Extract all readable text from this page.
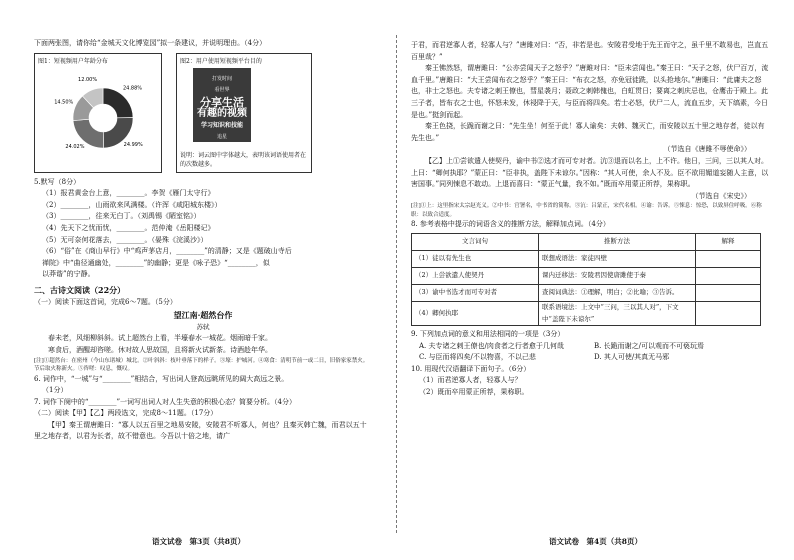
下面两张图，请你给“金城天文化博览园”拟一条建议，并说明理由。（4分）

图1：短视频用户年龄分布
24.88%
24.99%
24.02%
14.50%
12.00%
图2：用户使用短视频平台目的
打发时间
看世界
分享生活
有趣的视频
学习知识和技能
追星
打发时间

说明：词云图中字体越大，表明该词语使用者在的次数越多。

5.默写（8分）

（1）报君黄金台上意，________。李贺《雁门太守行》

（2）________，山雨欲来风满楼。（许浑《咸阳城东楼》）

（3）________，往来无白丁。（刘禹锡《陋室铭》）

（4）先天下之忧而忧，________。范仲淹《岳阳楼记》

（5）无可奈何花落去，________。（晏殊《浣溪沙》）

（6）“俗”在《商山早行》中“鸡声茅店月，________”的清静；又是《题破山寺后

禅院》中“曲径通幽处，________”的幽静；更是《咏子恐》“________，似

以莽谐”的宁静。

二、古诗文阅读（22分）

（一）阅读下面这首词，完成6～7题。（5分）

望江南·超然台作

苏轼

春未老，风细柳斜斜。试上超然台上看，半壕春水一城花。烟雨暗千家。

寒食后，酒醒却咨嗟。休对故人思故国，且将新火试新茶。诗酒趁年华。

[注]①超然台：在密州（今山东诸城）城北。②叶斜斜：枝叶垂落下的样子。③壕：护城河。④寒食：清明节前一或二日，旧俗家家禁火。节后取火称新火。⑤咨嗟：叹息，慨叹。

6. 词作中，“一城”与“________”相结合，写出词人登高远眺所见的阔大高远之景。

（1分）

7. 词作下阕中的“________”一词写出词人对人生失意的积极心态？简要分析。（4分）

（二）阅读【甲】【乙】两段选文，完成8～11题。（17分）

【甲】秦王谓唐雎曰：“寡人以五百里之地易安陵，安陵君不听寡人，何也？且秦灭韩亡魏，而君以五十里之地存者，以君为长者，故不错意也。今吾以十倍之地，请广

语文试卷　第3页（共8页）

于君，而君逆寡人者，轻寡人与？”唐雎对曰：“否，非若是也。安陵君受地于先王而守之，虽千里不敢易也，岂直五百里哉？”

秦王怫然怒，谓唐雎曰：“公亦尝闻天子之怒乎？”唐雎对曰：“臣未尝闻也。”秦王曰：“天子之怒，伏尸百万，流血千里。”唐雎曰：“大王尝闻布衣之怒乎？”秦王曰：“布衣之怒，亦免冠徒跣，以头抢地尔。”唐雎曰：“此庸夫之怒也，非士之怒也。夫专诸之刺王僚也，彗星袭月；聂政之刺韩傀也，白虹贯日；要离之刺庆忌也，仓鹰击于殿上。此三子者，皆布衣之士也，怀怒未发，休祲降于天，与臣而将四矣。若士必怒，伏尸二人，流血五步，天下缟素，今日是也。”挺剑而起。

秦王色挠，长跪而谢之曰：“先生坐！何至于此！寡人谕矣：夫韩、魏灭亡，而安陵以五十里之地存者，徒以有先生也。”

（节选自《唐雎不辱使命》）

【乙】上①尝欲遣人使契丹，谕中书②选才而可专对者。沆③退而以名上，上不许。他日，三问，三以其人对。上曰：“卿何执耶？”蒙正曰：“臣非执，盖陛下未谅尔。”因称：“其人可使，余人不及。臣不欲用媚道妄随人主意，以害国事。”同列悚息不敢动。上退而喜曰：“蒙正气量，我不如。”既而卒用蒙正所荐，果称职。

（节选自《宋史》）

[注]①上：这里指宋太宗赵光义。②中书：官署名，中书省的简称。③沆：吕蒙正，宋代名相。④谕：告诉。⑤悚息：惊恐，以致屏住呼吸。⑥称职：以致合适度。

8. 参考表格中提示的词语含义的推断方法，解释加点词。（4分）

文言词句	推断方法	解释
（1）徒以有先生也	联想成语法：家徒四壁	
（2）上尝欲遣人使契丹	课内迁移法：安陵君因使唐雎使于秦	
（3）谕中书选才而可专对者	查阅词典法：①理解，明白；②比喻；③告诉。	
（4）卿何执耶	联系语境法：上文中“三问，三以其人对”，下文中“盖陛下未谅尔”	

9. 下列加点词的意义和用法相同的一项是（3分）

A. 夫专诸之刺王僚也/肉食者之行者愈于几何哉	B. 长跪而谢之/可以观而不可亵玩焉

C. 与臣而将四矣/不以物喜，不以己悲	D. 其人可使/其真无马邪

10. 用现代汉语翻译下面句子。（6分）

（1）而君逆寡人者，轻寡人与？

（2）既而卒用蒙正所荐，果称职。

语文试卷　第4页（共8页）
